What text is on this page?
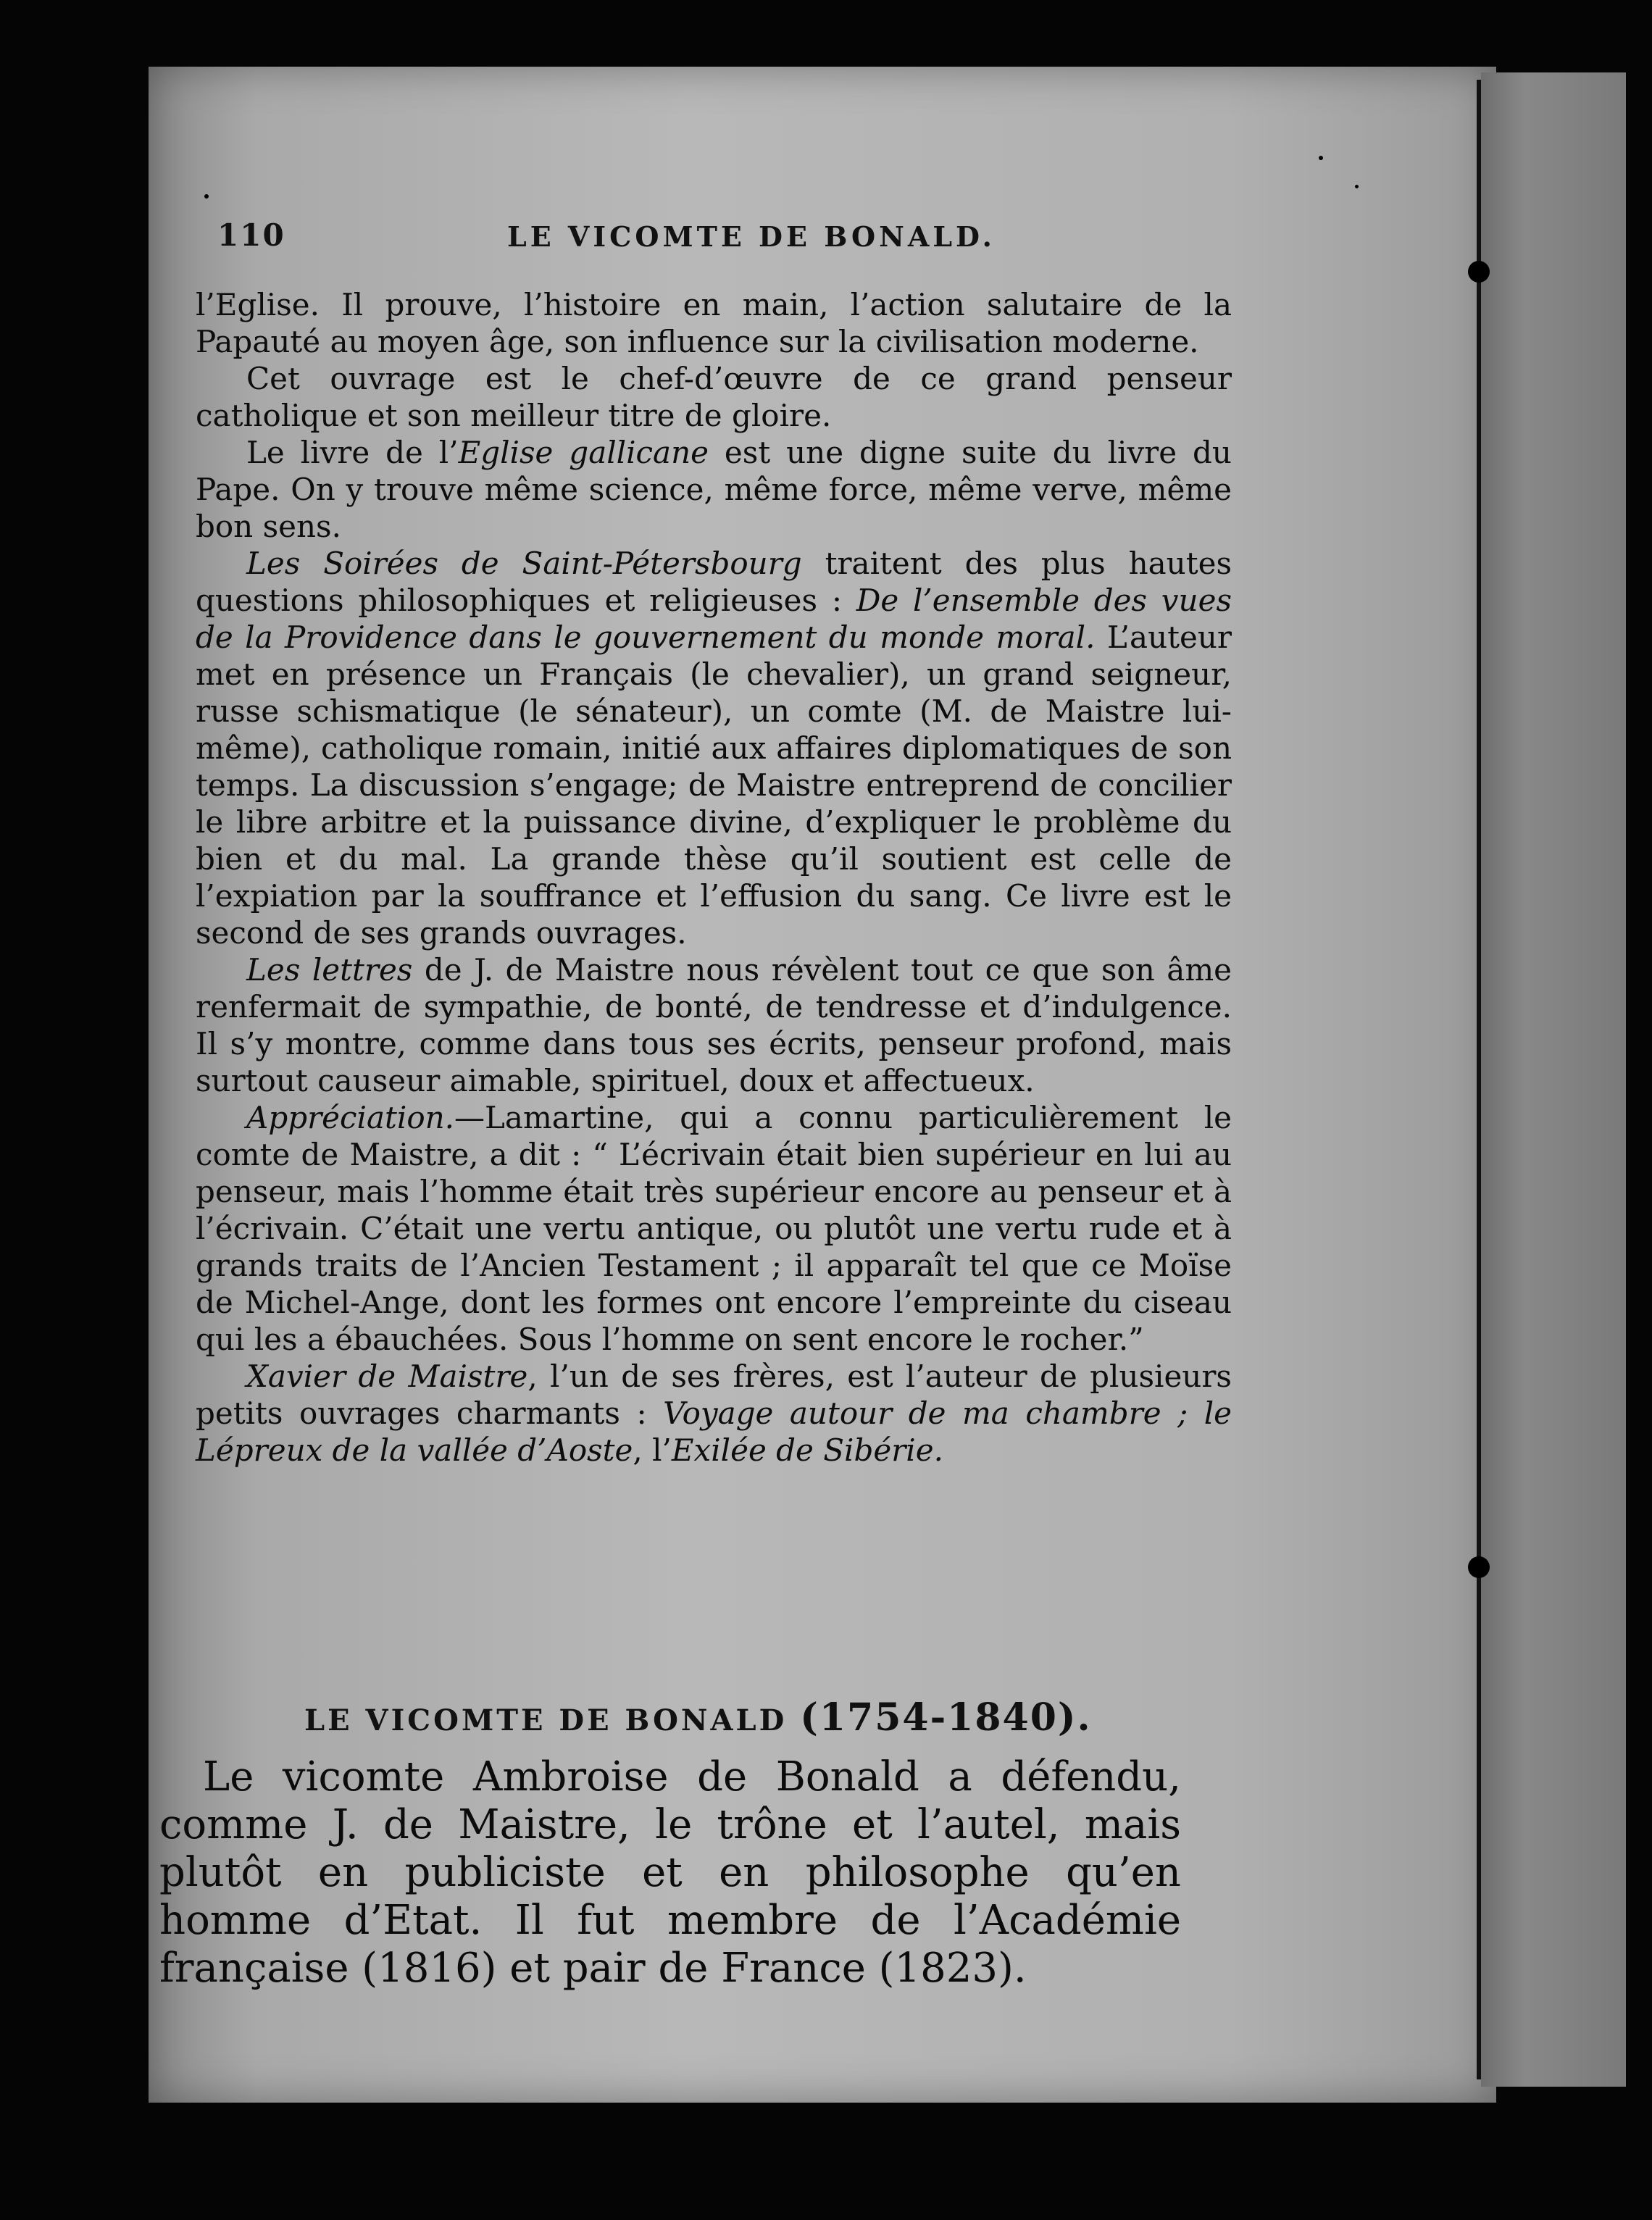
110	LE VICOMTE DE BONALD.

l’Eglise. Il prouve, l’histoire en main, l’action salutaire de la Papauté au moyen âge, son influence sur la civilisation moderne.

Cet ouvrage est le chef-d’œuvre de ce grand penseur catholique et son meilleur titre de gloire.

Le livre de l’Eglise gallicane est une digne suite du livre du Pape. On y trouve même science, même force, même verve, même bon sens.

Les Soirées de Saint-Pétersbourg traitent des plus hautes questions philosophiques et religieuses : De l’ensemble des vues de la Providence dans le gouvernement du monde moral. L’auteur met en présence un Français (le chevalier), un grand seigneur, russe schismatique (le sénateur), un comte (M. de Maistre lui-même), catholique romain, initié aux affaires diplomatiques de son temps. La discussion s’engage; de Maistre entreprend de concilier le libre arbitre et la puissance divine, d’expliquer le problème du bien et du mal. La grande thèse qu’il soutient est celle de l’expiation par la souffrance et l’effusion du sang. Ce livre est le second de ses grands ouvrages.

Les lettres de J. de Maistre nous révèlent tout ce que son âme renfermait de sympathie, de bonté, de tendresse et d’indulgence. Il s’y montre, comme dans tous ses écrits, penseur profond, mais surtout causeur aimable, spirituel, doux et affectueux.

Appréciation.—Lamartine, qui a connu particulièrement le comte de Maistre, a dit : “ L’écrivain était bien supérieur en lui au penseur, mais l’homme était très supérieur encore au penseur et à l’écrivain. C’était une vertu antique, ou plutôt une vertu rude et à grands traits de l’Ancien Testament ; il apparaît tel que ce Moïse de Michel-Ange, dont les formes ont encore l’empreinte du ciseau qui les a ébauchées. Sous l’homme on sent encore le rocher.”

Xavier de Maistre, l’un de ses frères, est l’auteur de plusieurs petits ouvrages charmants : Voyage autour de ma chambre ; le Lépreux de la vallée d’Aoste, l’Exilée de Sibérie.

LE VICOMTE DE BONALD (1754-1840).

Le vicomte Ambroise de Bonald a défendu, comme J. de Maistre, le trône et l’autel, mais plutôt en publiciste et en philosophe qu’en homme d’Etat. Il fut membre de l’Académie française (1816) et pair de France (1823).
